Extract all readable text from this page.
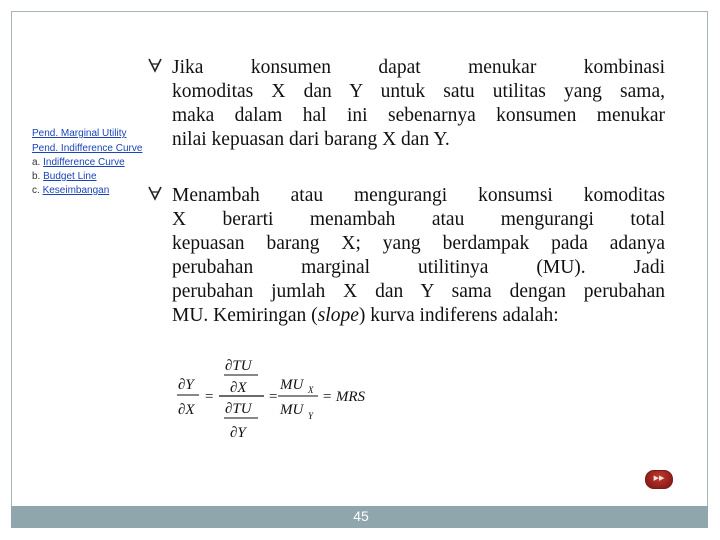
Pend. Marginal Utility
Pend. Indifference Curve
a. Indifference Curve
b. Budget Line
c. Keseimbangan
Jika konsumen dapat menukar kombinasi
komoditas X dan Y untuk satu utilitas yang sama,
maka dalam hal ini sebenarnya konsumen menukar
nilai kepuasan dari barang X dan Y.
Menambah atau mengurangi konsumsi komoditas
X berarti menambah atau mengurangi total
kepuasan barang X; yang berdampak pada adanya
perubahan marginal utilitinya (MU). Jadi
perubahan jumlah X dan Y sama dengan perubahan
MU. Kemiringan (slope) kurva indiferens adalah:
∂Y
∂X
=
∂TU
∂X
∂TU
∂Y
=
MU X
MU Y
= MRS
▶▶
45
